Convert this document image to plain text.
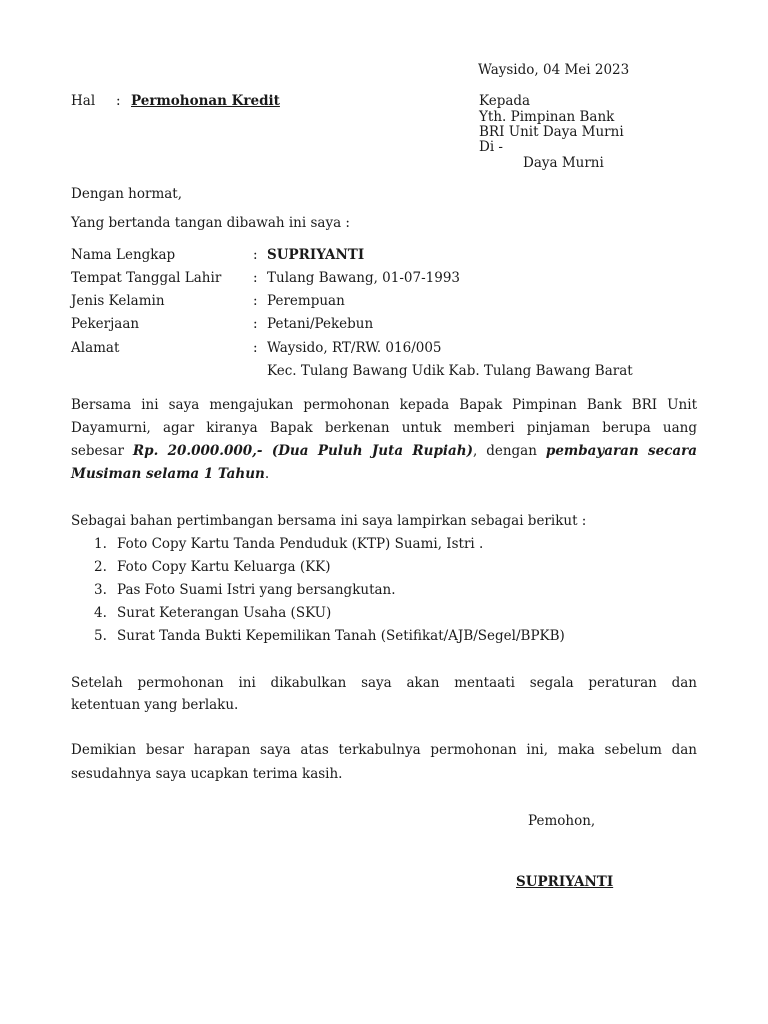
Waysido, 04 Mei 2023
Hal : Permohonan Kredit	Kepada
Yth. Pimpinan Bank
BRI Unit Daya Murni
Di -
Daya Murni
Dengan hormat,
Yang bertanda tangan dibawah ini saya :
Nama Lengkap	: SUPRIYANTI
Tempat Tanggal Lahir : Tulang Bawang, 01-07-1993
Jenis Kelamin	: Perempuan
Pekerjaan	: Petani/Pekebun
Alamat	: Waysido, RT/RW. 016/005
Kec. Tulang Bawang Udik Kab. Tulang Bawang Barat
Bersama ini saya mengajukan permohonan kepada Bapak Pimpinan Bank BRI Unit
Dayamurni, agar kiranya Bapak berkenan untuk memberi pinjaman berupa uang
sebesar Rp. 20.000.000,- (Dua Puluh Juta Rupiah), dengan pembayaran secara
Musiman selama 1 Tahun.
Sebagai bahan pertimbangan bersama ini saya lampirkan sebagai berikut :
1. Foto Copy Kartu Tanda Penduduk (KTP) Suami, Istri .
2. Foto Copy Kartu Keluarga (KK)
3. Pas Foto Suami Istri yang bersangkutan.
4. Surat Keterangan Usaha (SKU)
5. Surat Tanda Bukti Kepemilikan Tanah (Setifikat/AJB/Segel/BPKB)
Setelah permohonan ini dikabulkan saya akan mentaati segala peraturan dan
ketentuan yang berlaku.
Demikian besar harapan saya atas terkabulnya permohonan ini, maka sebelum dan
sesudahnya saya ucapkan terima kasih.
Pemohon,
SUPRIYANTI
